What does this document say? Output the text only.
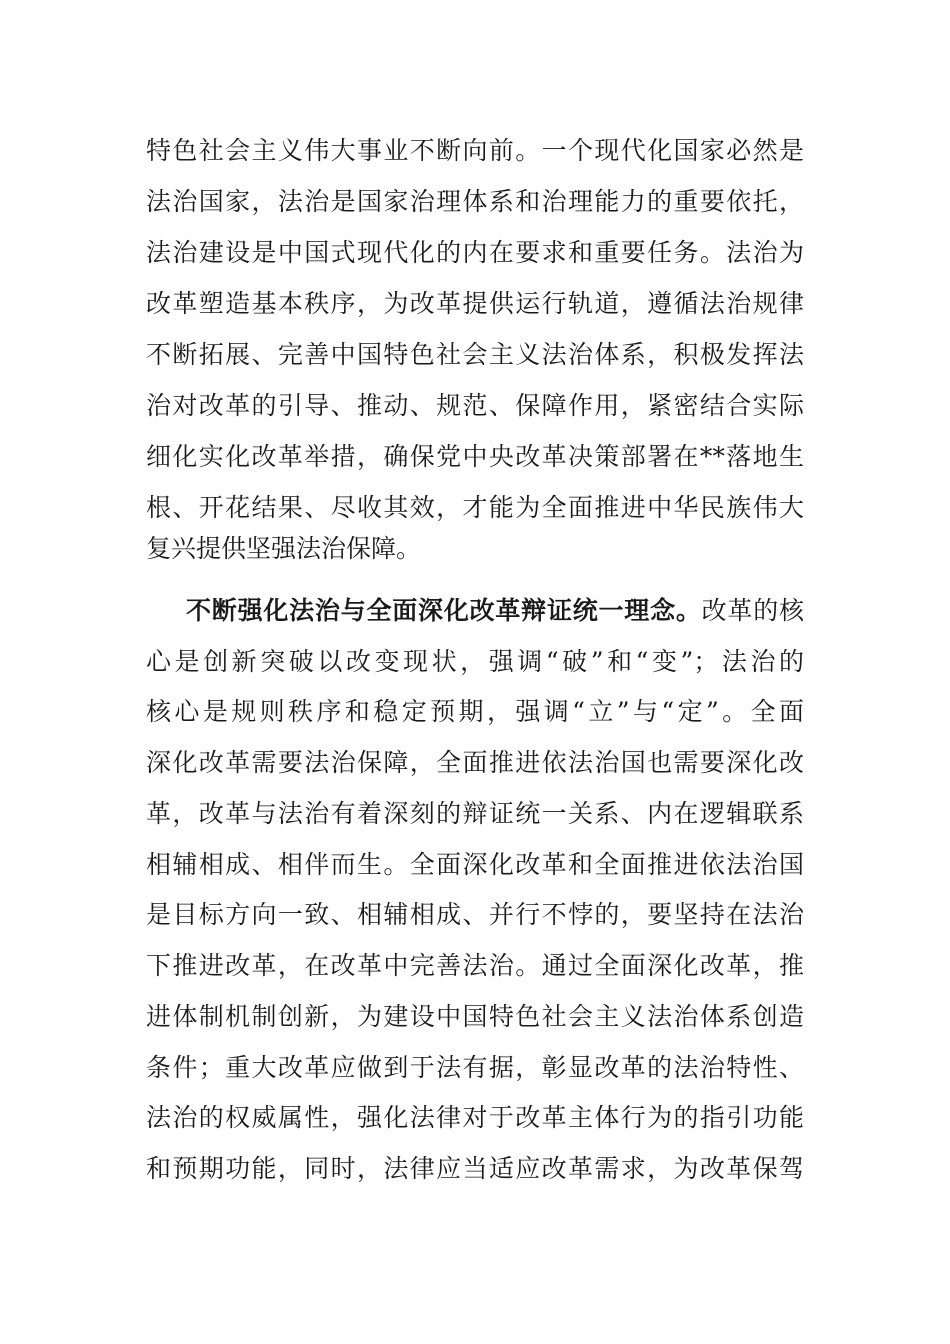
特色社会主义伟大事业不断向前。一个现代化国家必然是
法治国家，法治是国家治理体系和治理能力的重要依托，
法治建设是中国式现代化的内在要求和重要任务。法治为
改革塑造基本秩序，为改革提供运行轨道，遵循法治规律
不断拓展、完善中国特色社会主义法治体系，积极发挥法
治对改革的引导、推动、规范、保障作用，紧密结合实际
细化实化改革举措，确保党中央改革决策部署在**落地生
根、开花结果、尽收其效，才能为全面推进中华民族伟大
复兴提供坚强法治保障。
不断强化法治与全面深化改革辩证统一理念。改革的核
心是创新突破以改变现状，强调“破”和“变”；法治的
核心是规则秩序和稳定预期，强调“立”与“定”。全面
深化改革需要法治保障，全面推进依法治国也需要深化改
革，改革与法治有着深刻的辩证统一关系、内在逻辑联系
相辅相成、相伴而生。全面深化改革和全面推进依法治国
是目标方向一致、相辅相成、并行不悖的，要坚持在法治
下推进改革，在改革中完善法治。通过全面深化改革，推
进体制机制创新，为建设中国特色社会主义法治体系创造
条件；重大改革应做到于法有据，彰显改革的法治特性、
法治的权威属性，强化法律对于改革主体行为的指引功能
和预期功能，同时，法律应当适应改革需求，为改革保驾
